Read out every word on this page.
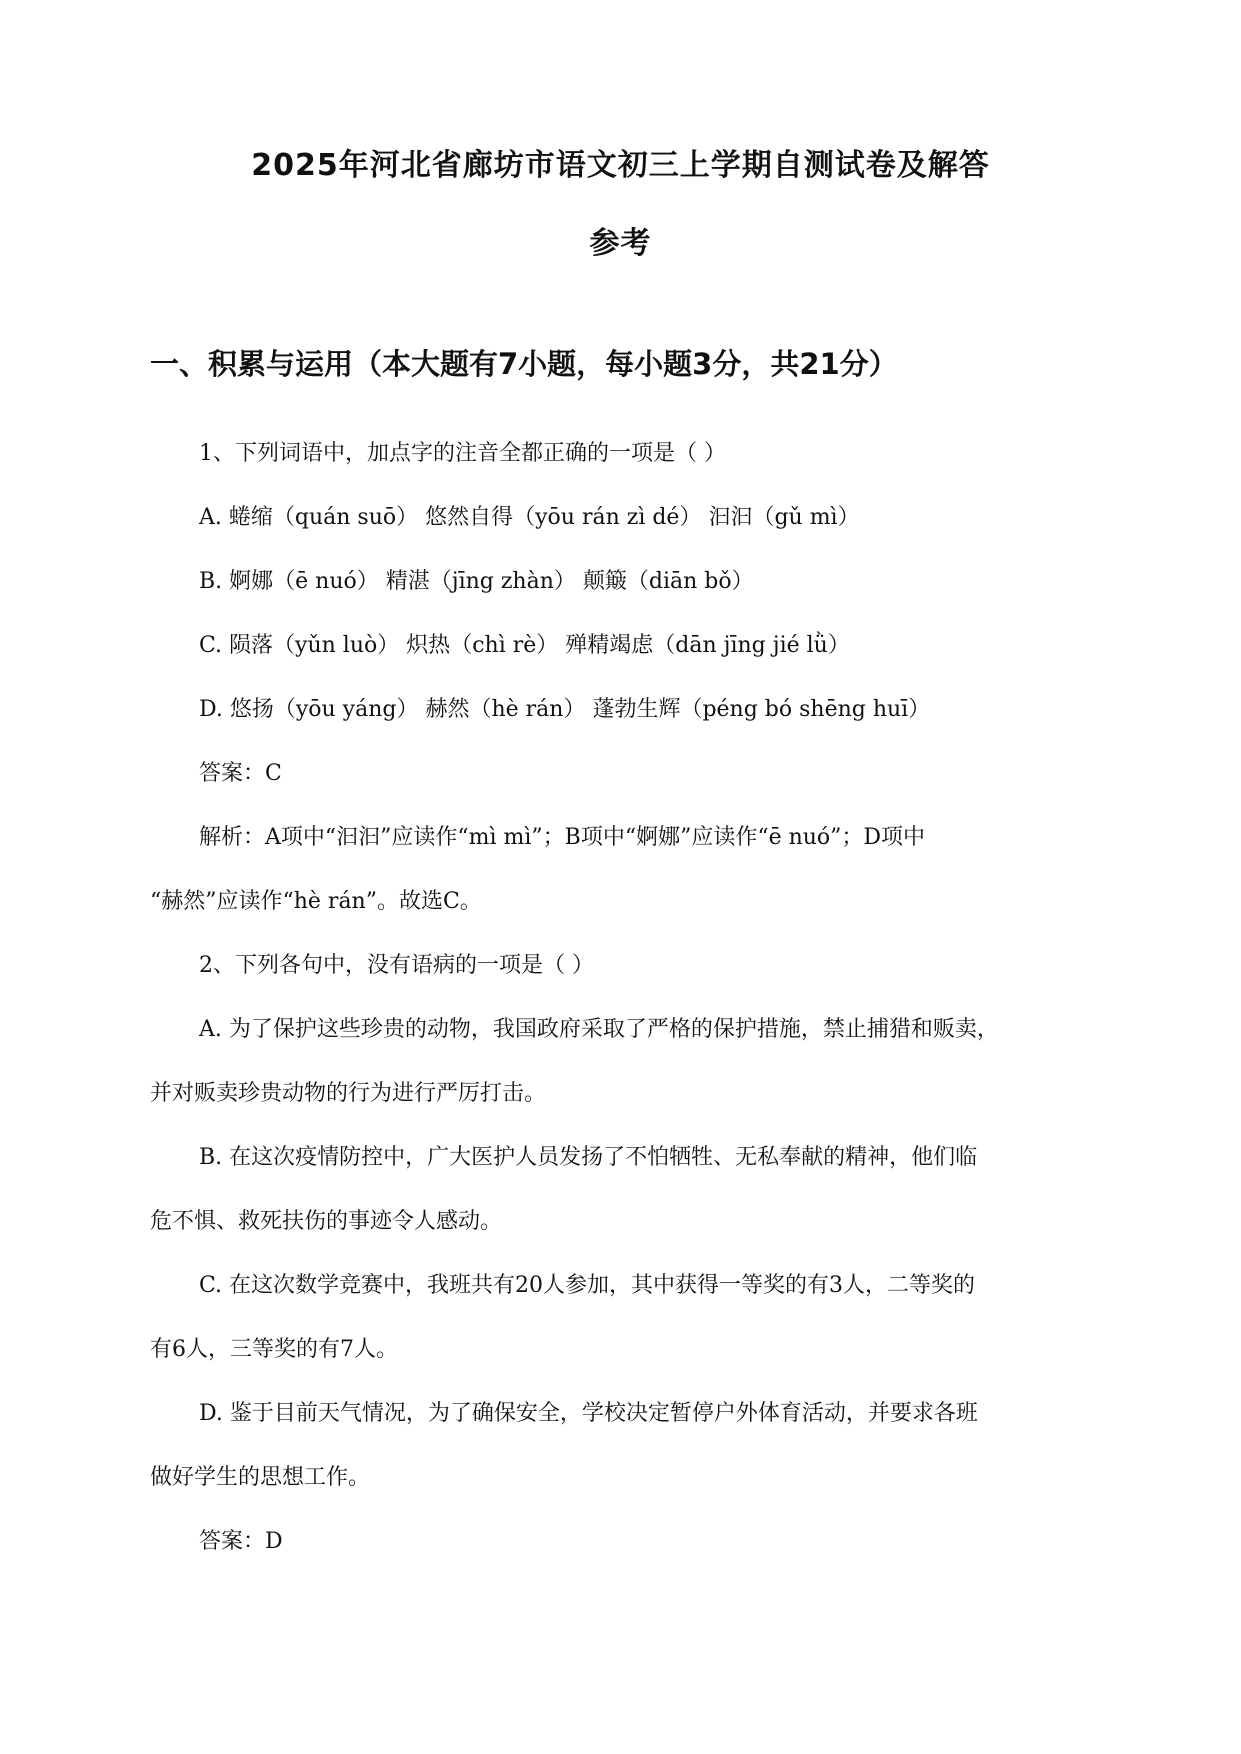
2025年河北省廊坊市语文初三上学期自测试卷及解答
参考
一、积累与运用（本大题有7小题，每小题3分，共21分）
1、下列词语中，加点字的注音全都正确的一项是（ ）
A. 蜷缩（quán suō） 悠然自得（yōu rán zì dé） 汩汩（gǔ mì）
B. 婀娜（ē nuó） 精湛（jīng zhàn） 颠簸（diān bǒ）
C. 陨落（yǔn luò） 炽热（chì rè） 殚精竭虑（dān jīng jié lǜ）
D. 悠扬（yōu yáng） 赫然（hè rán） 蓬勃生辉（péng bó shēng huī）
答案：C
解析：A项中“汩汩”应读作“mì mì”；B项中“婀娜”应读作“ē nuó”；D项中
“赫然”应读作“hè rán”。故选C。
2、下列各句中，没有语病的一项是（ ）
A. 为了保护这些珍贵的动物，我国政府采取了严格的保护措施，禁止捕猎和贩卖，
并对贩卖珍贵动物的行为进行严厉打击。
B. 在这次疫情防控中，广大医护人员发扬了不怕牺牲、无私奉献的精神，他们临
危不惧、救死扶伤的事迹令人感动。
C. 在这次数学竞赛中，我班共有20人参加，其中获得一等奖的有3人，二等奖的
有6人，三等奖的有7人。
D. 鉴于目前天气情况，为了确保安全，学校决定暂停户外体育活动，并要求各班
做好学生的思想工作。
答案：D
